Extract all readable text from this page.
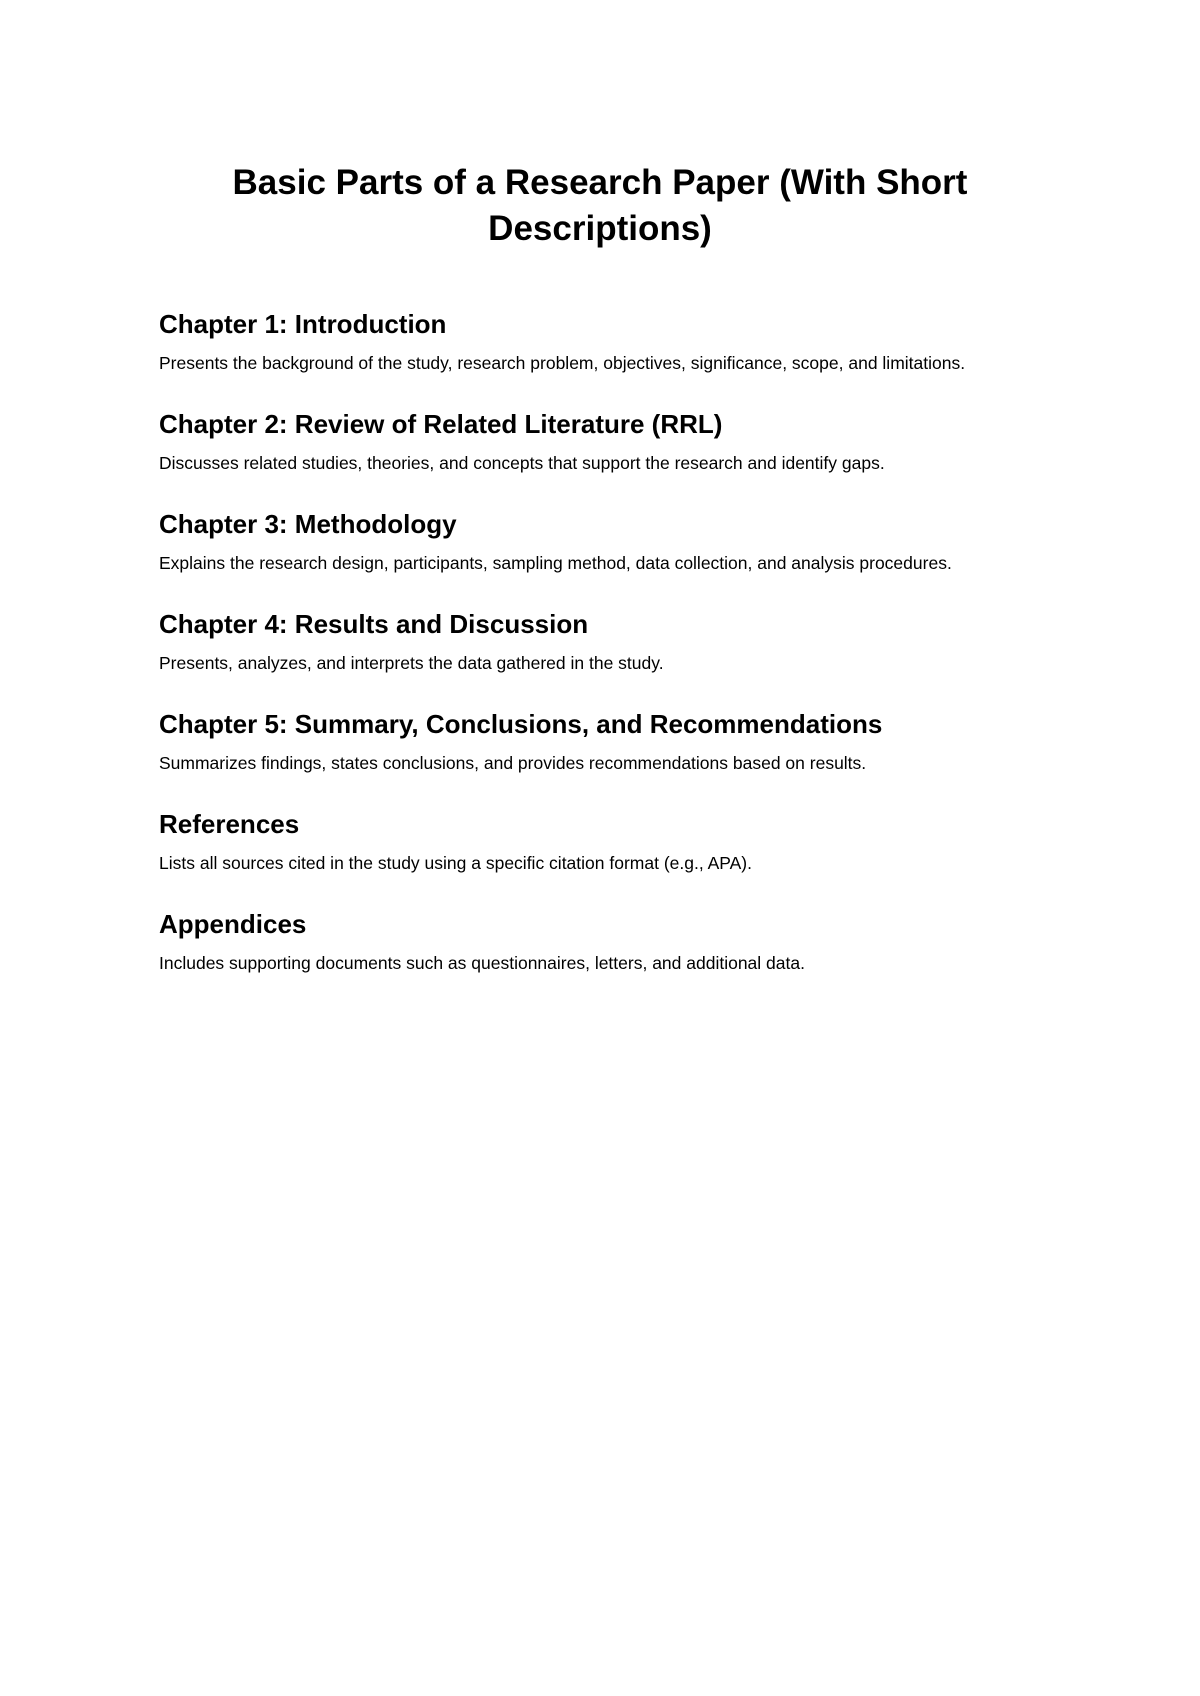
Basic Parts of a Research Paper (With Short Descriptions)
Chapter 1: Introduction

Presents the background of the study, research problem, objectives, significance, scope, and limitations.

Chapter 2: Review of Related Literature (RRL)

Discusses related studies, theories, and concepts that support the research and identify gaps.

Chapter 3: Methodology

Explains the research design, participants, sampling method, data collection, and analysis procedures.

Chapter 4: Results and Discussion

Presents, analyzes, and interprets the data gathered in the study.

Chapter 5: Summary, Conclusions, and Recommendations

Summarizes findings, states conclusions, and provides recommendations based on results.

References

Lists all sources cited in the study using a specific citation format (e.g., APA).

Appendices

Includes supporting documents such as questionnaires, letters, and additional data.
